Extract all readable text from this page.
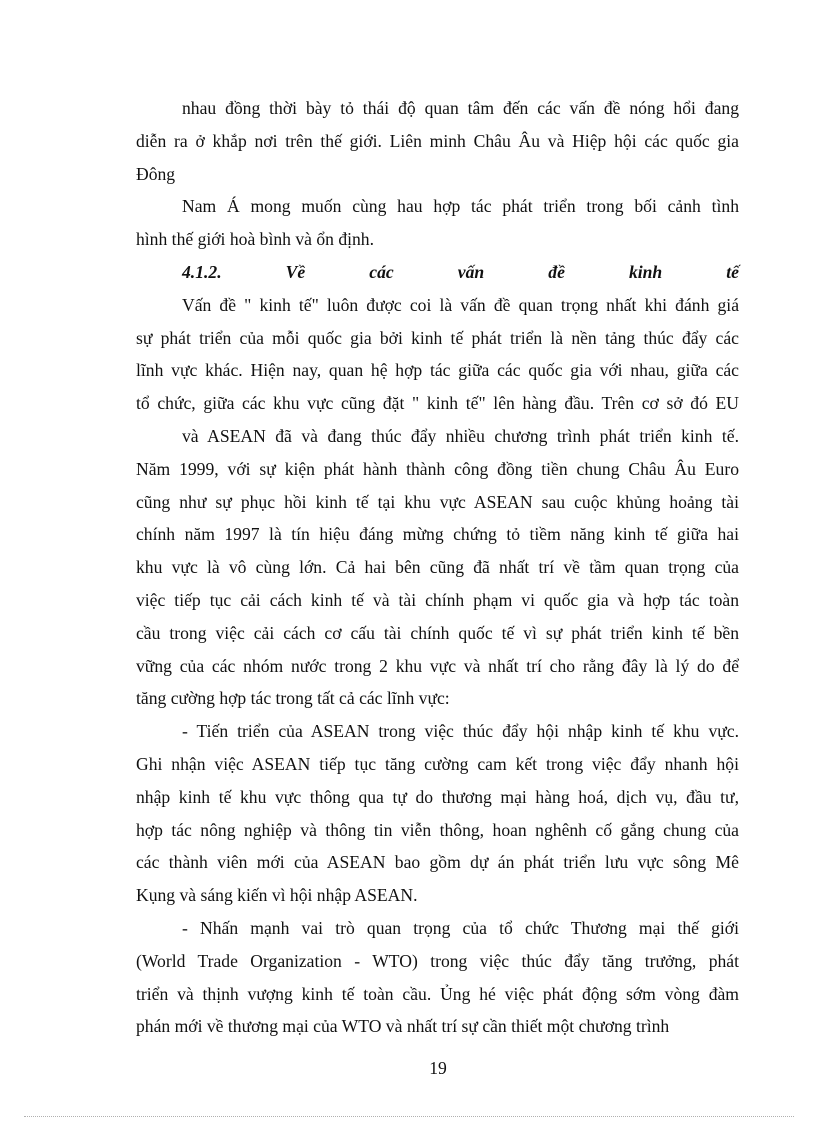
nhau đồng thời bày tỏ thái độ quan tâm đến các vấn đề nóng hổi đang
diễn ra ở khắp nơi trên thế giới. Liên minh Châu Âu và Hiệp hội các quốc gia
Đông
Nam Á mong muốn cùng hau hợp tác phát triển trong bối cảnh tình
hình thế giới hoà bình và ổn định.
4.1.2.	Về	các	vấn	đề	kinh	tế
Vấn đề " kinh tế" luôn được coi là vấn đề quan trọng nhất khi đánh giá
sự phát triển của mỗi quốc gia bởi kinh tế phát triển là nền tảng thúc đẩy các
lĩnh vực khác. Hiện nay, quan hệ hợp tác giữa các quốc gia với nhau, giữa các
tổ chức, giữa các khu vực cũng đặt " kinh tế" lên hàng đầu. Trên cơ sở đó EU
và ASEAN đã và đang thúc đẩy nhiều chương trình phát triển kinh tế.
Năm 1999, với sự kiện phát hành thành công đồng tiền chung Châu Âu Euro
cũng như sự phục hồi kinh tế tại khu vực ASEAN sau cuộc khủng hoảng tài
chính năm 1997 là tín hiệu đáng mừng chứng tỏ tiềm năng kinh tế giữa hai
khu vực là vô cùng lớn. Cả hai bên cũng đã nhất trí về tầm quan trọng của
việc tiếp tục cải cách kinh tế và tài chính phạm vi quốc gia và hợp tác toàn
cầu trong việc cải cách cơ cấu tài chính quốc tế vì sự phát triển kinh tế bền
vững của các nhóm nước trong 2 khu vực và nhất trí cho rằng đây là lý do để
tăng cường hợp tác trong tất cả các lĩnh vực:
- Tiến triển của ASEAN trong việc thúc đẩy hội nhập kinh tế khu vực.
Ghi nhận việc ASEAN tiếp tục tăng cường cam kết trong việc đẩy nhanh hội
nhập kinh tế khu vực thông qua tự do thương mại hàng hoá, dịch vụ, đầu tư,
hợp tác nông nghiệp và thông tin viễn thông, hoan nghênh cố gắng chung của
các thành viên mới của ASEAN bao gồm dự án phát triển lưu vực sông Mê
Kụng và sáng kiến vì hội nhập ASEAN.
- Nhấn mạnh vai trò quan trọng của tổ chức Thương mại thế giới
(World Trade Organization - WTO) trong việc thúc đẩy tăng trưởng, phát
triển và thịnh vượng kinh tế toàn cầu. Ủng hé việc phát động sớm vòng đàm
phán mới về thương mại của WTO và nhất trí sự cần thiết một chương trình
19
